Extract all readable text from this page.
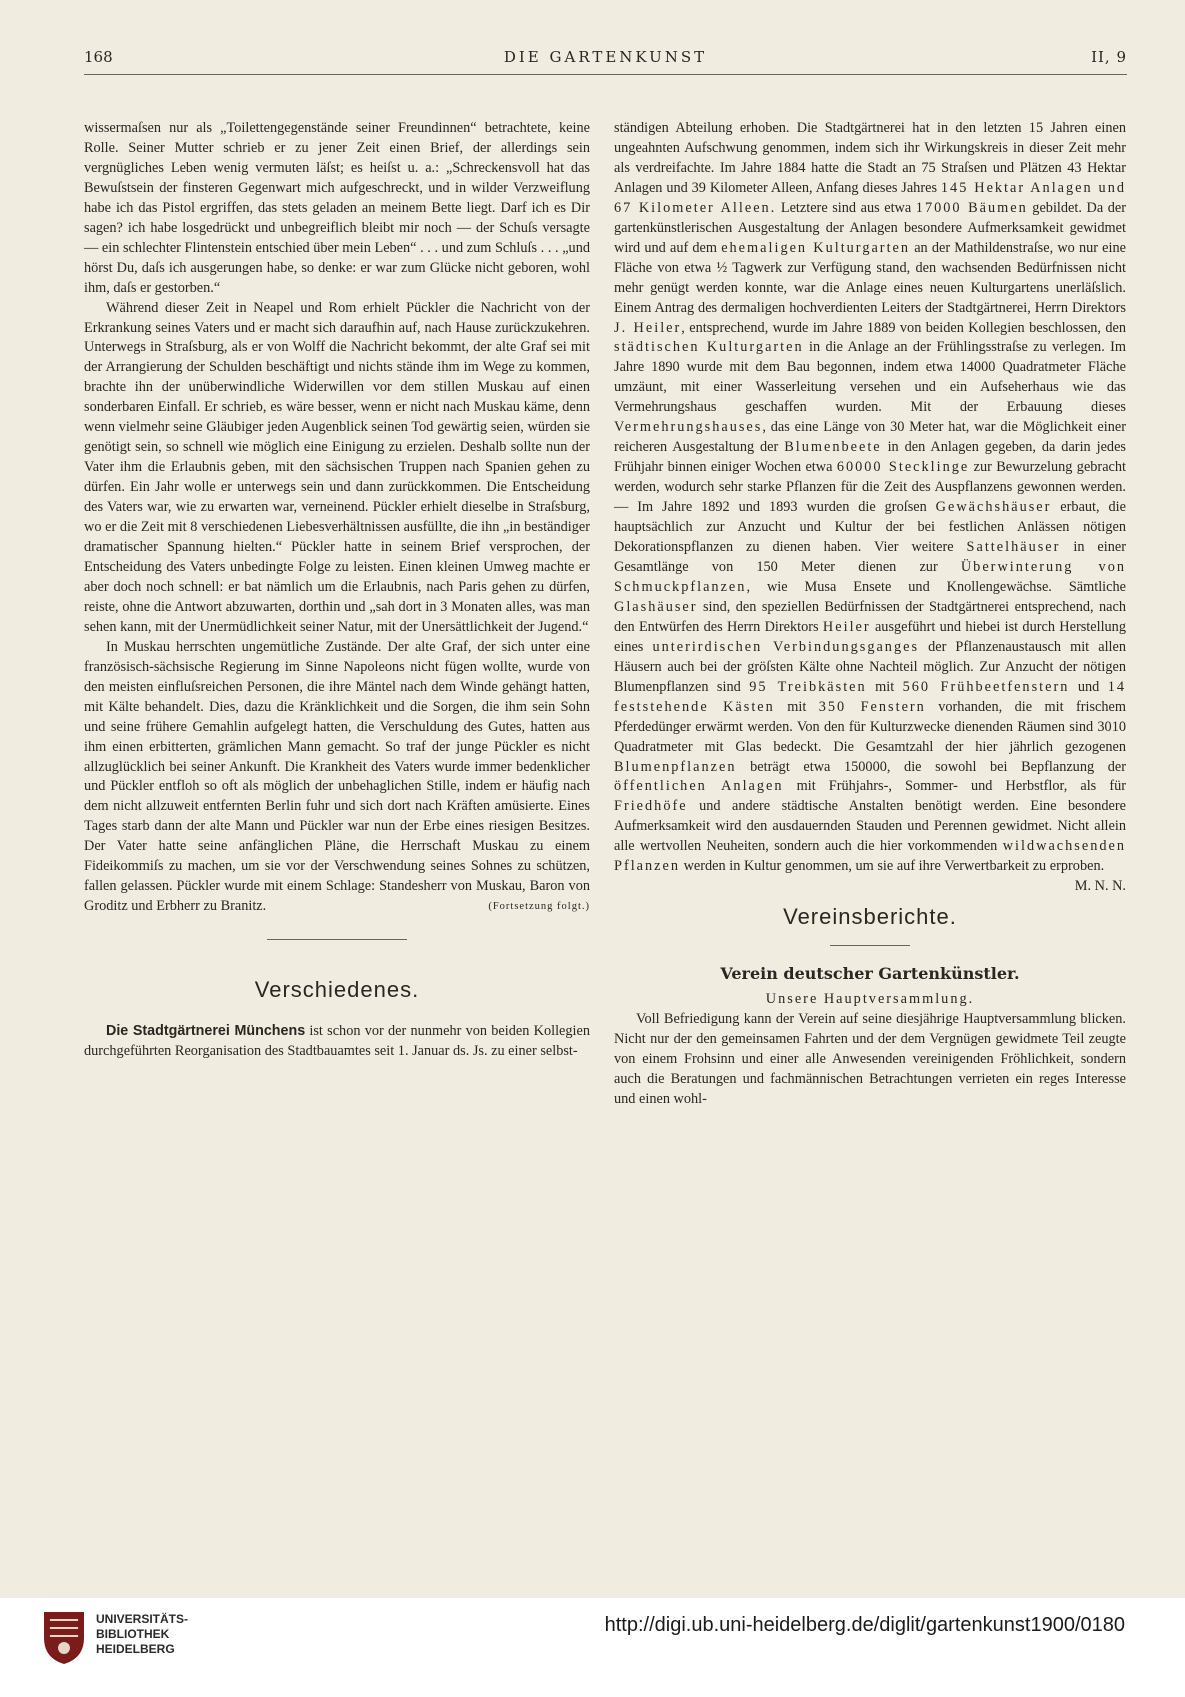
168	DIE GARTENKUNST	II, 9

wissermaſsen nur als „Toilettengegenstände seiner Freundinnen“ betrachtete, keine Rolle. Seiner Mutter schrieb er zu jener Zeit einen Brief, der allerdings sein vergnügliches Leben wenig vermuten läſst; es heiſst u. a.: „Schreckensvoll hat das Bewuſstsein der finsteren Gegenwart mich aufgeschreckt, und in wilder Verzweiflung habe ich das Pistol ergriffen, das stets geladen an meinem Bette liegt. Darf ich es Dir sagen? ich habe losgedrückt und unbegreiflich bleibt mir noch — der Schuſs versagte — ein schlechter Flintenstein entschied über mein Leben“ . . . und zum Schluſs . . . „und hörst Du, daſs ich ausgerungen habe, so denke: er war zum Glücke nicht geboren, wohl ihm, daſs er gestorben.“

Während dieser Zeit in Neapel und Rom erhielt Pückler die Nachricht von der Erkrankung seines Vaters und er macht sich daraufhin auf, nach Hause zurückzukehren. Unterwegs in Straſsburg, als er von Wolff die Nachricht bekommt, der alte Graf sei mit der Arrangierung der Schulden beschäftigt und nichts stände ihm im Wege zu kommen, brachte ihn der unüberwindliche Widerwillen vor dem stillen Muskau auf einen sonderbaren Einfall. Er schrieb, es wäre besser, wenn er nicht nach Muskau käme, denn wenn vielmehr seine Gläubiger jeden Augenblick seinen Tod gewärtig seien, würden sie genötigt sein, so schnell wie möglich eine Einigung zu erzielen. Deshalb sollte nun der Vater ihm die Erlaubnis geben, mit den sächsischen Truppen nach Spanien gehen zu dürfen. Ein Jahr wolle er unterwegs sein und dann zurückkommen. Die Entscheidung des Vaters war, wie zu erwarten war, verneinend. Pückler erhielt dieselbe in Straſsburg, wo er die Zeit mit 8 verschiedenen Liebesverhältnissen ausfüllte, die ihn „in beständiger dramatischer Spannung hielten.“ Pückler hatte in seinem Brief versprochen, der Entscheidung des Vaters unbedingte Folge zu leisten. Einen kleinen Umweg machte er aber doch noch schnell: er bat nämlich um die Erlaubnis, nach Paris gehen zu dürfen, reiste, ohne die Antwort abzuwarten, dorthin und „sah dort in 3 Monaten alles, was man sehen kann, mit der Unermüdlichkeit seiner Natur, mit der Unersättlichkeit der Jugend.“

In Muskau herrschten ungemütliche Zustände. Der alte Graf, der sich unter eine französisch-sächsische Regierung im Sinne Napoleons nicht fügen wollte, wurde von den meisten einfluſsreichen Personen, die ihre Mäntel nach dem Winde gehängt hatten, mit Kälte behandelt. Dies, dazu die Kränklichkeit und die Sorgen, die ihm sein Sohn und seine frühere Gemahlin aufgelegt hatten, die Verschuldung des Gutes, hatten aus ihm einen erbitterten, grämlichen Mann gemacht. So traf der junge Pückler es nicht allzuglücklich bei seiner Ankunft. Die Krankheit des Vaters wurde immer bedenklicher und Pückler entfloh so oft als möglich der unbehaglichen Stille, indem er häufig nach dem nicht allzuweit entfernten Berlin fuhr und sich dort nach Kräften amüsierte. Eines Tages starb dann der alte Mann und Pückler war nun der Erbe eines riesigen Besitzes. Der Vater hatte seine anfänglichen Pläne, die Herrschaft Muskau zu einem Fideikommiſs zu machen, um sie vor der Verschwendung seines Sohnes zu schützen, fallen gelassen. Pückler wurde mit einem Schlage: Standesherr von Muskau, Baron von Groditz und Erbherr zu Branitz.	(Fortsetzung folgt.)

Verschiedenes.

Die Stadtgärtnerei Münchens ist schon vor der nunmehr von beiden Kollegien durchgeführten Reorganisation des Stadtbauamtes seit 1. Januar ds. Js. zu einer selbst-

ständigen Abteilung erhoben. Die Stadtgärtnerei hat in den letzten 15 Jahren einen ungeahnten Aufschwung genommen, indem sich ihr Wirkungskreis in dieser Zeit mehr als verdreifachte. Im Jahre 1884 hatte die Stadt an 75 Straſsen und Plätzen 43 Hektar Anlagen und 39 Kilometer Alleen, Anfang dieses Jahres 145 Hektar Anlagen und 67 Kilometer Alleen. Letztere sind aus etwa 17000 Bäumen gebildet. Da der gartenkünstlerischen Ausgestaltung der Anlagen besondere Aufmerksamkeit gewidmet wird und auf dem ehemaligen Kulturgarten an der Mathildenstraſse, wo nur eine Fläche von etwa ½ Tagwerk zur Verfügung stand, den wachsenden Bedürfnissen nicht mehr genügt werden konnte, war die Anlage eines neuen Kulturgartens unerläſslich. Einem Antrag des dermaligen hochverdienten Leiters der Stadtgärtnerei, Herrn Direktors J. Heiler, entsprechend, wurde im Jahre 1889 von beiden Kollegien beschlossen, den städtischen Kulturgarten in die Anlage an der Frühlingsstraſse zu verlegen. Im Jahre 1890 wurde mit dem Bau begonnen, indem etwa 14000 Quadratmeter Fläche umzäunt, mit einer Wasserleitung versehen und ein Aufseherhaus wie das Vermehrungshaus geschaffen wurden. Mit der Erbauung dieses Vermehrungshauses, das eine Länge von 30 Meter hat, war die Möglichkeit einer reicheren Ausgestaltung der Blumenbeete in den Anlagen gegeben, da darin jedes Frühjahr binnen einiger Wochen etwa 60000 Stecklinge zur Bewurzelung gebracht werden, wodurch sehr starke Pflanzen für die Zeit des Auspflanzens gewonnen werden. — Im Jahre 1892 und 1893 wurden die groſsen Gewächshäuser erbaut, die hauptsächlich zur Anzucht und Kultur der bei festlichen Anlässen nötigen Dekorationspflanzen zu dienen haben. Vier weitere Sattelhäuser in einer Gesamtlänge von 150 Meter dienen zur Überwinterung von Schmuckpflanzen, wie Musa Ensete und Knollengewächse. Sämtliche Glashäuser sind, den speziellen Bedürfnissen der Stadtgärtnerei entsprechend, nach den Entwürfen des Herrn Direktors Heiler ausgeführt und hiebei ist durch Herstellung eines unterirdischen Verbindungsganges der Pflanzenaustausch mit allen Häusern auch bei der gröſsten Kälte ohne Nachteil möglich. Zur Anzucht der nötigen Blumenpflanzen sind 95 Treibkästen mit 560 Frühbeetfenstern und 14 feststehende Kästen mit 350 Fenstern vorhanden, die mit frischem Pferdedünger erwärmt werden. Von den für Kulturzwecke dienenden Räumen sind 3010 Quadratmeter mit Glas bedeckt. Die Gesamtzahl der hier jährlich gezogenen Blumenpflanzen beträgt etwa 150000, die sowohl bei Bepflanzung der öffentlichen Anlagen mit Frühjahrs-, Sommer- und Herbstflor, als für Friedhöfe und andere städtische Anstalten benötigt werden. Eine besondere Aufmerksamkeit wird den ausdauernden Stauden und Perennen gewidmet. Nicht allein alle wertvollen Neuheiten, sondern auch die hier vorkommenden wildwachsenden Pflanzen werden in Kultur genommen, um sie auf ihre Verwertbarkeit zu erproben.
M. N. N.

Vereinsberichte.
Verein deutscher Gartenkünstler.
Unsere Hauptversammlung.

Voll Befriedigung kann der Verein auf seine diesjährige Hauptversammlung blicken. Nicht nur der den gemeinsamen Fahrten und der dem Vergnügen gewidmete Teil zeugte von einem Frohsinn und einer alle Anwesenden vereinigenden Fröhlichkeit, sondern auch die Beratungen und fachmännischen Betrachtungen verrieten ein reges Interesse und einen wohl-

UNIVERSITÄTS-
BIBLIOTHEK
HEIDELBERG
http://digi.ub.uni-heidelberg.de/diglit/gartenkunst1900/0180
